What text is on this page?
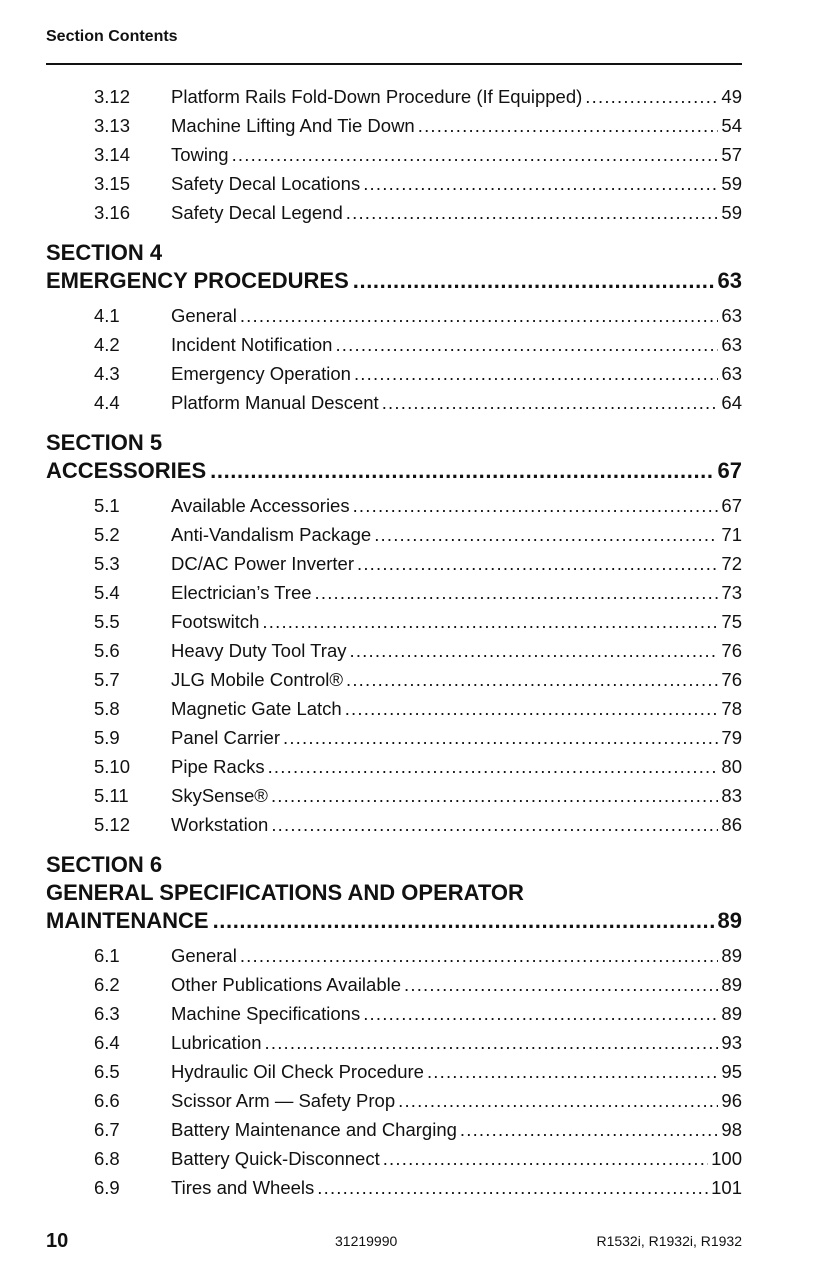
Section Contents
3.12	Platform Rails Fold-Down Procedure (If Equipped) .....	49
3.13	Machine Lifting And Tie Down .....	54
3.14	Towing .....	57
3.15	Safety Decal Locations .....	59
3.16	Safety Decal Legend .....	59
SECTION 4
EMERGENCY PROCEDURES .....	63
4.1	General .....	63
4.2	Incident Notification .....	63
4.3	Emergency Operation .....	63
4.4	Platform Manual Descent .....	64
SECTION 5
ACCESSORIES .....	67
5.1	Available Accessories .....	67
5.2	Anti-Vandalism Package .....	71
5.3	DC/AC Power Inverter .....	72
5.4	Electrician’s Tree .....	73
5.5	Footswitch .....	75
5.6	Heavy Duty Tool Tray .....	76
5.7	JLG Mobile Control® .....	76
5.8	Magnetic Gate Latch .....	78
5.9	Panel Carrier .....	79
5.10	Pipe Racks .....	80
5.11	SkySense® .....	83
5.12	Workstation .....	86
SECTION 6
GENERAL SPECIFICATIONS AND OPERATOR
MAINTENANCE .....	89
6.1	General .....	89
6.2	Other Publications Available .....	89
6.3	Machine Specifications .....	89
6.4	Lubrication .....	93
6.5	Hydraulic Oil Check Procedure .....	95
6.6	Scissor Arm — Safety Prop .....	96
6.7	Battery Maintenance and Charging .....	98
6.8	Battery Quick-Disconnect .....	100
6.9	Tires and Wheels .....	101
10	31219990	R1532i, R1932i, R1932
